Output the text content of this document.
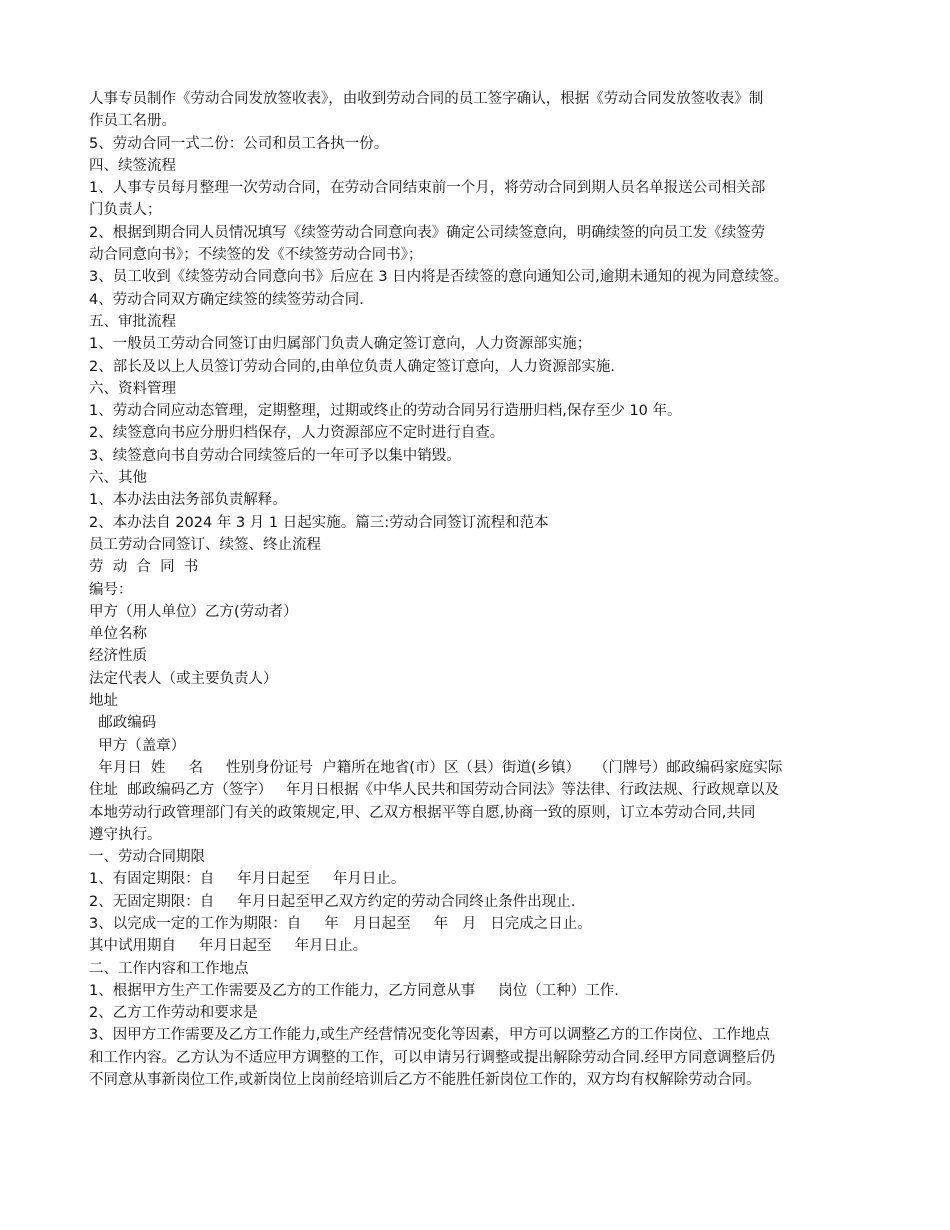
人事专员制作《劳动合同发放签收表》，由收到劳动合同的员工签字确认，根据《劳动合同发放签收表》制
作员工名册。
5、劳动合同一式二份：公司和员工各执一份。
四、续签流程
1、人事专员每月整理一次劳动合同，在劳动合同结束前一个月，将劳动合同到期人员名单报送公司相关部
门负责人；
2、根据到期合同人员情况填写《续签劳动合同意向表》确定公司续签意向，明确续签的向员工发《续签劳
动合同意向书》；不续签的发《不续签劳动合同书》；
3、员工收到《续签劳动合同意向书》后应在 3 日内将是否续签的意向通知公司,逾期未通知的视为同意续签。
4、劳动合同双方确定续签的续签劳动合同.
五、审批流程
1、一般员工劳动合同签订由归属部门负责人确定签订意向，人力资源部实施；
2、部长及以上人员签订劳动合同的,由单位负责人确定签订意向，人力资源部实施.
六、资料管理
1、劳动合同应动态管理，定期整理，过期或终止的劳动合同另行造册归档,保存至少 10 年。
2、续签意向书应分册归档保存，人力资源部应不定时进行自查。
3、续签意向书自劳动合同续签后的一年可予以集中销毁。
六、其他
1、本办法由法务部负责解释。
2、本办法自 2024 年 3 月 1 日起实施。篇三:劳动合同签订流程和范本
员工劳动合同签订、续签、终止流程
劳  动  合  同  书
编号：
甲方（用人单位）乙方(劳动者）
单位名称
经济性质
法定代表人（或主要负责人）
地址
邮政编码
甲方（盖章）
年月日  姓     名     性别身份证号  户籍所在地省(市）区（县）街道(乡镇）   （门牌号）邮政编码家庭实际
住址  邮政编码乙方（签字）   年月日根据《中华人民共和国劳动合同法》等法律、行政法规、行政规章以及
本地劳动行政管理部门有关的政策规定,甲、乙双方根据平等自愿,协商一致的原则，订立本劳动合同,共同
遵守执行。
一、劳动合同期限
1、有固定期限：自     年月日起至     年月日止。
2、无固定期限：自     年月日起至甲乙双方约定的劳动合同终止条件出现止.
3、以完成一定的工作为期限：自     年   月日起至     年   月   日完成之日止。
其中试用期自     年月日起至     年月日止。
二、工作内容和工作地点
1、根据甲方生产工作需要及乙方的工作能力，乙方同意从事     岗位（工种）工作.
2、乙方工作劳动和要求是
3、因甲方工作需要及乙方工作能力,或生产经营情况变化等因素，甲方可以调整乙方的工作岗位、工作地点
和工作内容。乙方认为不适应甲方调整的工作，可以申请另行调整或提出解除劳动合同.经甲方同意调整后仍
不同意从事新岗位工作,或新岗位上岗前经培训后乙方不能胜任新岗位工作的，双方均有权解除劳动合同。
